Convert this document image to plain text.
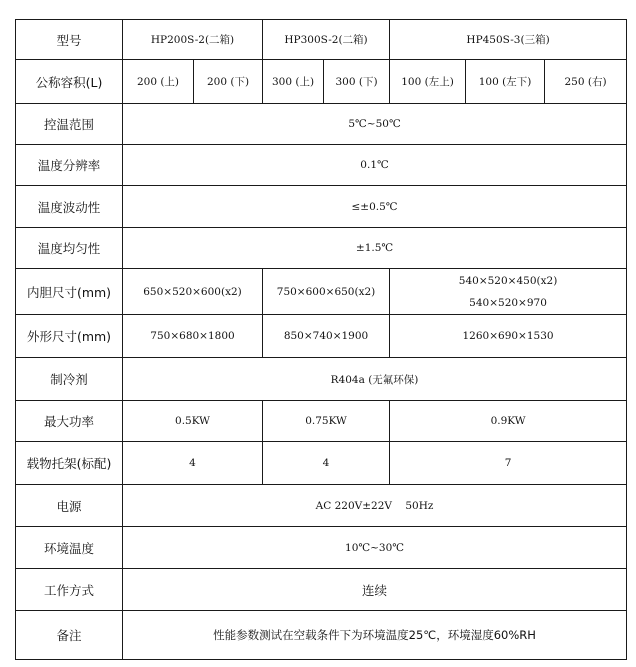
型号	HP200S-2(二箱)		HP300S-2(二箱)		HP450S-3(三箱)		
公称容积(L)	200 (上)	200 (下)	300 (上)	300 (下)	100 (左上)	100 (左下)	250 (右)
控温范围	5℃~50℃						
温度分辨率	0.1℃						
温度波动性	≤±0.5℃						
温度均匀性	±1.5℃						
内胆尺寸(mm)	650×520×600(x2)		750×600×650(x2)		540×520×450(x2)
540×520×970		

外形尺寸(mm)	750×680×1800		850×740×1900		1260×690×1530		
制冷剂	R404a (无氟环保)						
最大功率	0.5KW		0.75KW		0.9KW		
载物托架(标配)	4		4		7		
电源	AC 220V±22V    50Hz						
环境温度	10℃~30℃						
工作方式	连续						
备注	性能参数测试在空载条件下为环境温度25℃，环境湿度60%RH						
